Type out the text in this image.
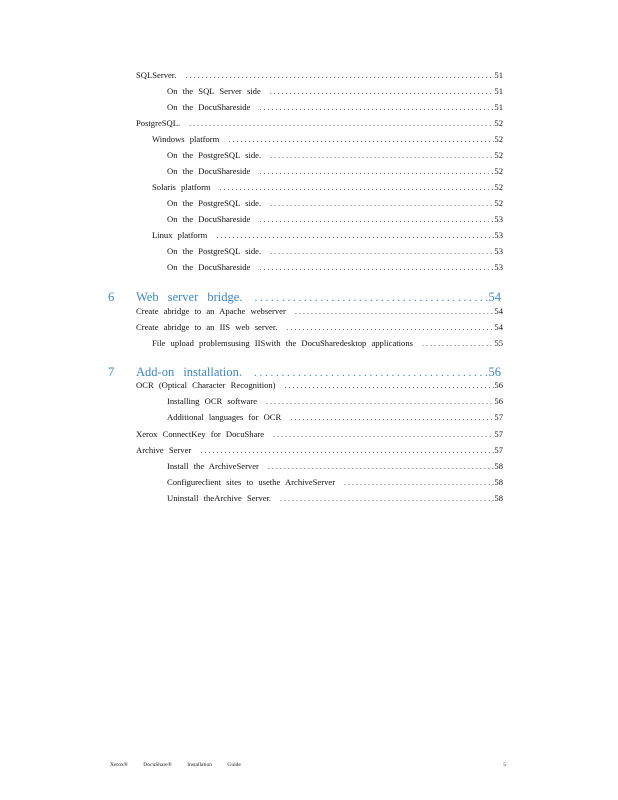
SQLServer. . . .	51
On the SQL Server side . . .	51
On the DocuShareside . . .	51
PostgreSQL. . . .	52
Windows platform . . .	52
On the PostgreSQL side. . . .	52
On the DocuShareside . . .	52
Solaris platform . . .	52
On the PostgreSQL side. . . .	52
On the DocuShareside . . .	53
Linux platform . . .	53
On the PostgreSQL side. . . .	53
On the DocuShareside . . .	53
6	Web server bridge. . . .	54
Create abridge to an Apache webserver . . .	54
Create abridge to an IIS web server. . . .	54
File upload problemsusing IISwith the DocuSharedesktop applications . . .	55
7	Add-on installation. . . .	56
OCR (Optical Character Recognition) . . .	56
Installing OCR software . . .	56
Additional languages for OCR . . .	57
Xerox ConnectKey for DocuShare . . .	57
Archive Server . . .	57
Install the ArchiveServer . . .	58
Configureclient sites to usethe ArchiveServer . . .	58
Uninstall theArchive Server. . . .	58
Xerox® DocuShare® Installation Guide	5
